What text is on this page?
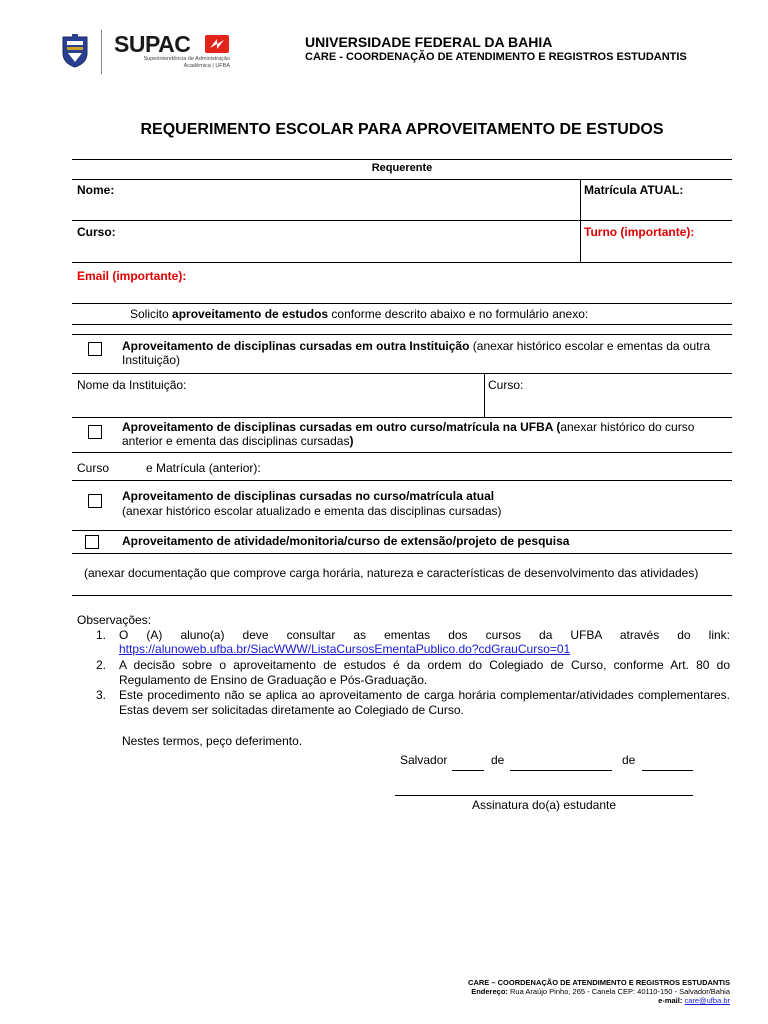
SUPAC
Superintendência de Administração
Acadêmica | UFBA
UNIVERSIDADE FEDERAL DA BAHIA
CARE - COORDENAÇÃO DE ATENDIMENTO E REGISTROS ESTUDANTIS
REQUERIMENTO ESCOLAR PARA APROVEITAMENTO DE ESTUDOS
Requerente
Nome:	Matrícula ATUAL:
Curso:	Turno (importante):
Email (importante):
Solicito aproveitamento de estudos conforme descrito abaixo e no formulário anexo:
Aproveitamento de disciplinas cursadas em outra Instituição (anexar histórico escolar e ementas da outra Instituição)
Nome da Instituição:	Curso:
Aproveitamento de disciplinas cursadas em outro curso/matrícula na UFBA (anexar histórico do curso anterior e ementa das disciplinas cursadas)
Curso	e Matrícula (anterior):
Aproveitamento de disciplinas cursadas no curso/matrícula atual
(anexar histórico escolar atualizado e ementa das disciplinas cursadas)
Aproveitamento de atividade/monitoria/curso de extensão/projeto de pesquisa
(anexar documentação que comprove carga horária, natureza e características de desenvolvimento das atividades)
Observações:
1. O (A) aluno(a) deve consultar as ementas dos cursos da UFBA através do link:
https://alunoweb.ufba.br/SiacWWW/ListaCursosEmentaPublico.do?cdGrauCurso=01
2. A decisão sobre o aproveitamento de estudos é da ordem do Colegiado de Curso, conforme Art. 80 do Regulamento de Ensino de Graduação e Pós-Graduação.
3. Este procedimento não se aplica ao aproveitamento de carga horária complementar/atividades complementares. Estas devem ser solicitadas diretamente ao Colegiado de Curso.
Nestes termos, peço deferimento.
Salvador	de	de
Assinatura do(a) estudante
CARE – COORDENAÇÃO DE ATENDIMENTO E REGISTROS ESTUDANTIS
Endereço: Rua Araújo Pinho, 265 - Canela CEP: 40110-150 - Salvador/Bahia
e-mail: care@ufba.br
